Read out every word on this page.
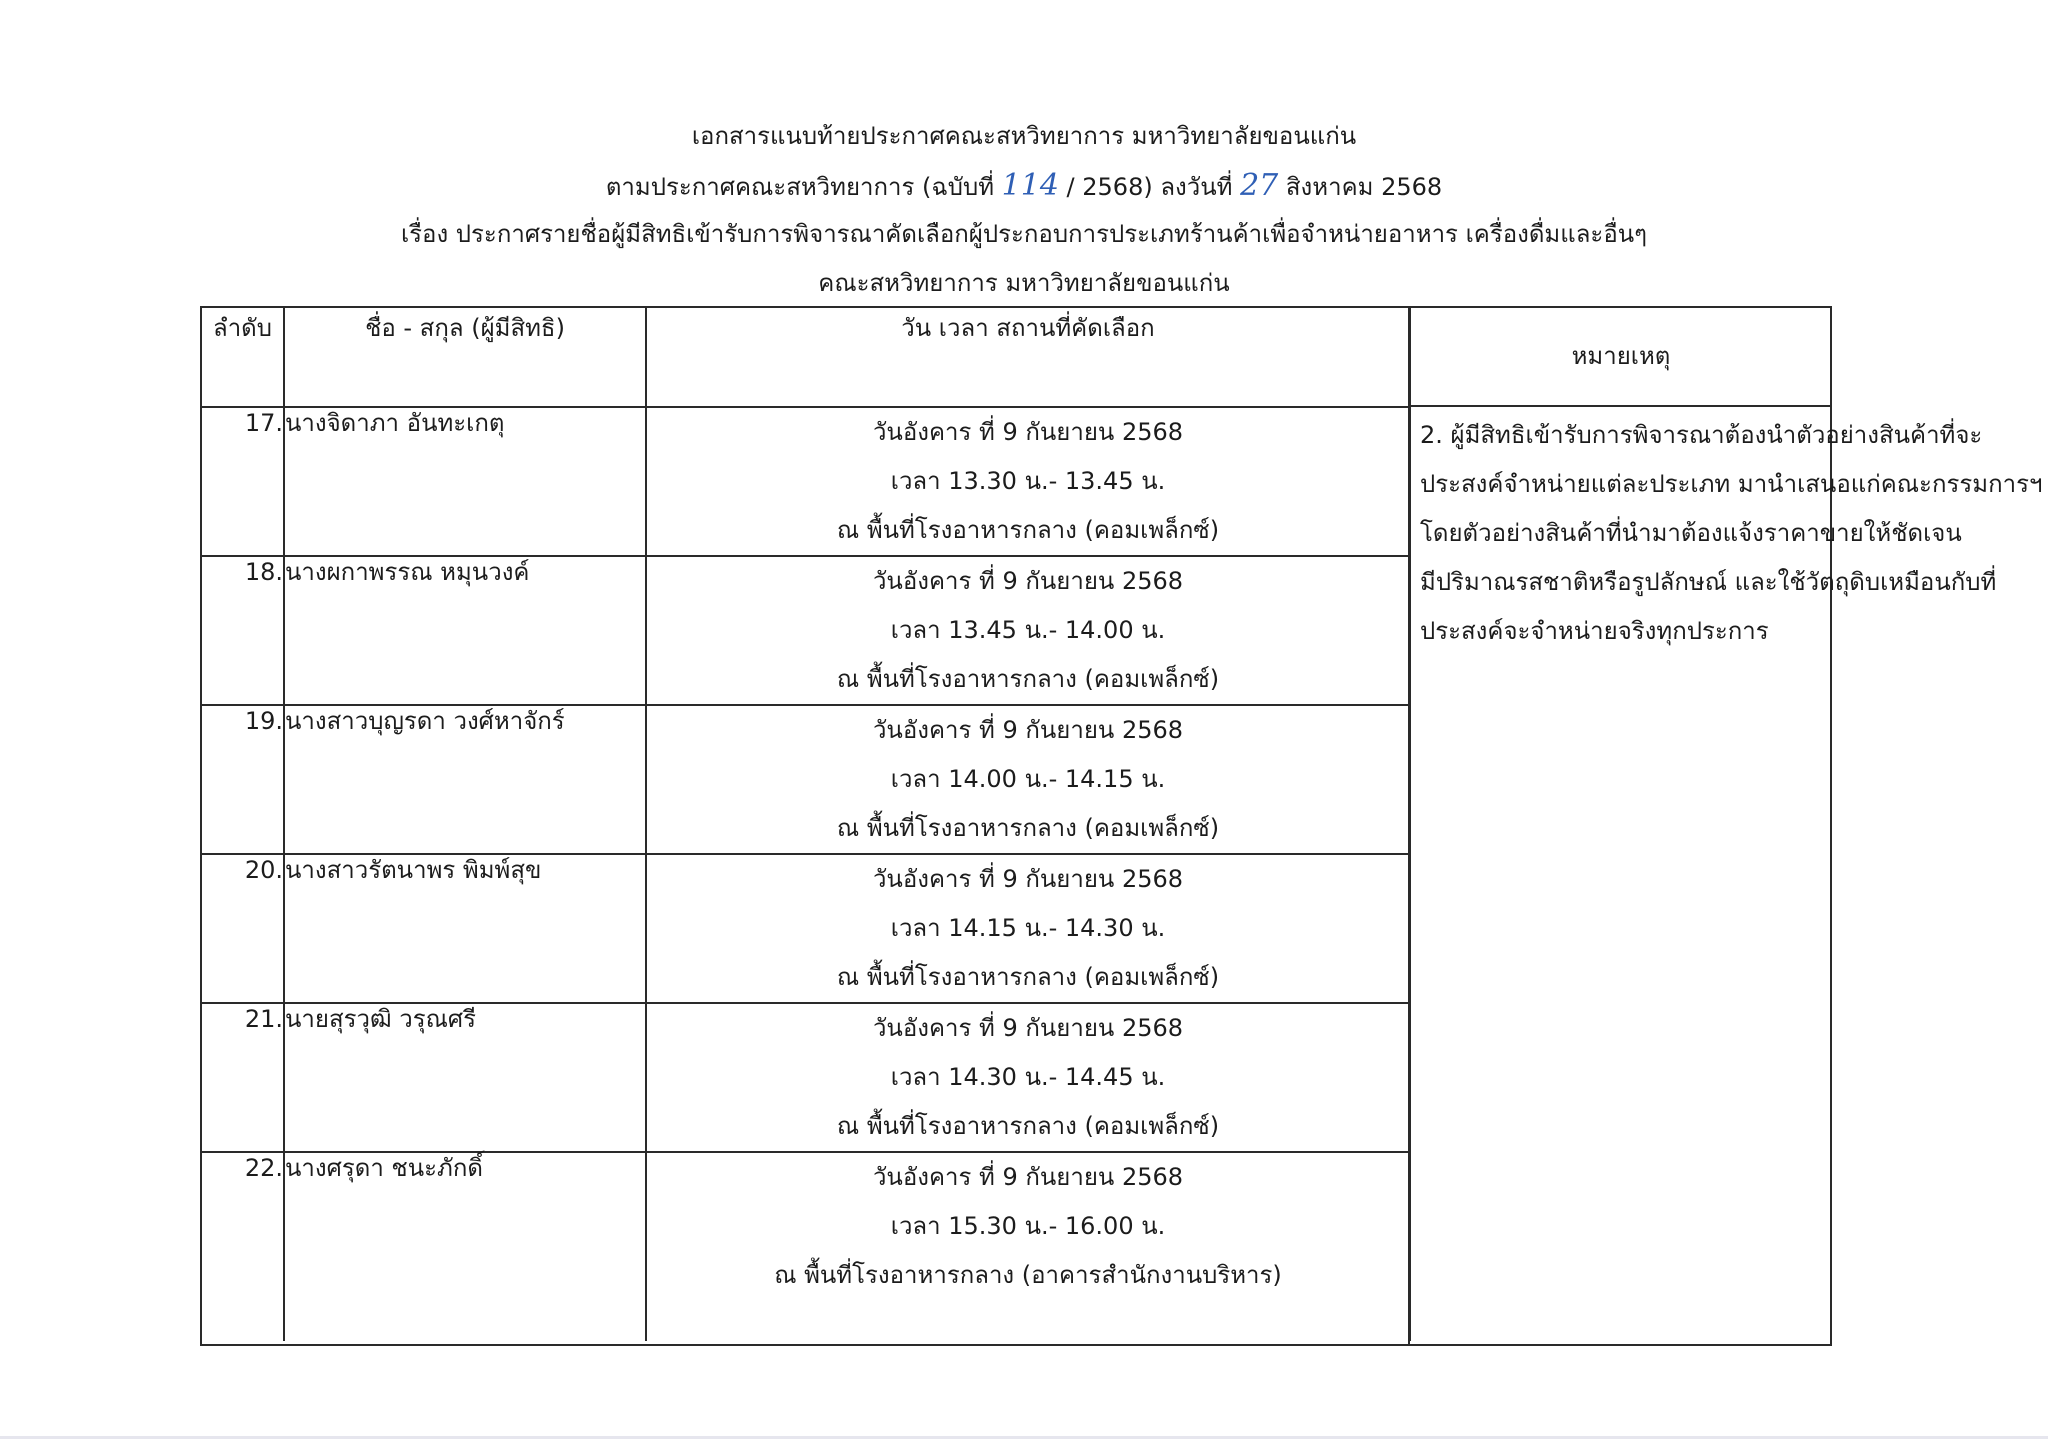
เอกสารแนบท้ายประกาศคณะสหวิทยาการ มหาวิทยาลัยขอนแก่น
ตามประกาศคณะสหวิทยาการ (ฉบับที่ 114 / 2568) ลงวันที่ 27 สิงหาคม 2568
เรื่อง ประกาศรายชื่อผู้มีสิทธิเข้ารับการพิจารณาคัดเลือกผู้ประกอบการประเภทร้านค้าเพื่อจำหน่ายอาหาร เครื่องดื่มและอื่นๆ
คณะสหวิทยาการ มหาวิทยาลัยขอนแก่น
ลำดับ	ชื่อ - สกุล (ผู้มีสิทธิ)	วัน เวลา สถานที่คัดเลือก

17.	นางจิดาภา อันทะเกตุ	วันอังคาร ที่ 9 กันยายน 2568
เวลา 13.30 น.- 13.45 น.
ณ พื้นที่โรงอาหารกลาง (คอมเพล็กซ์)

18.	นางผกาพรรณ หมุนวงค์	วันอังคาร ที่ 9 กันยายน 2568
เวลา 13.45 น.- 14.00 น.
ณ พื้นที่โรงอาหารกลาง (คอมเพล็กซ์)

19.	นางสาวบุญรดา วงศ์หาจักร์	วันอังคาร ที่ 9 กันยายน 2568
เวลา 14.00 น.- 14.15 น.
ณ พื้นที่โรงอาหารกลาง (คอมเพล็กซ์)

20.	นางสาวรัตนาพร พิมพ์สุข	วันอังคาร ที่ 9 กันยายน 2568
เวลา 14.15 น.- 14.30 น.
ณ พื้นที่โรงอาหารกลาง (คอมเพล็กซ์)

21.	นายสุรวุฒิ วรุณศรี	วันอังคาร ที่ 9 กันยายน 2568
เวลา 14.30 น.- 14.45 น.
ณ พื้นที่โรงอาหารกลาง (คอมเพล็กซ์)

22.	นางศรุดา ชนะภักดิ์	วันอังคาร ที่ 9 กันยายน 2568
เวลา 15.30 น.- 16.00 น.
ณ พื้นที่โรงอาหารกลาง (อาคารสำนักงานบริหาร)
หมายเหตุ
2. ผู้มีสิทธิเข้ารับการพิจารณาต้องนำตัวอย่างสินค้าที่จะ
ประสงค์จำหน่ายแต่ละประเภท มานำเสนอแก่คณะกรรมการฯ
โดยตัวอย่างสินค้าที่นำมาต้องแจ้งราคาขายให้ชัดเจน
มีปริมาณรสชาติหรือรูปลักษณ์ และใช้วัตถุดิบเหมือนกับที่
ประสงค์จะจำหน่ายจริงทุกประการ
